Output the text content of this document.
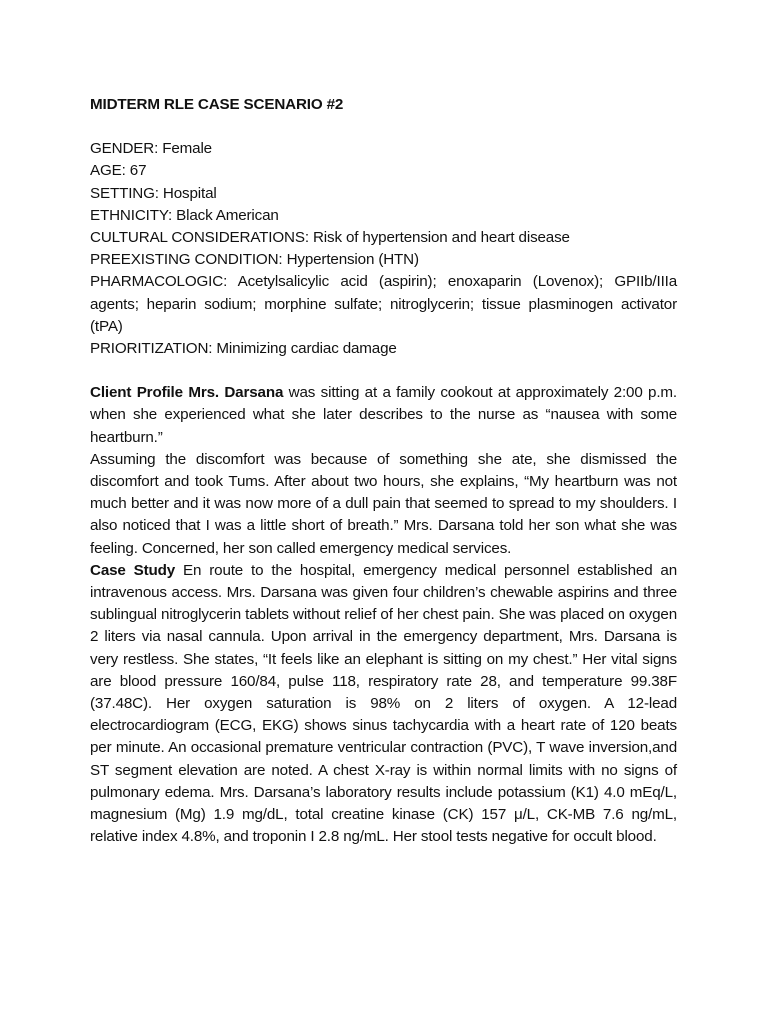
MIDTERM RLE CASE SCENARIO #2
GENDER: Female
AGE: 67
SETTING: Hospital
ETHNICITY: Black American
CULTURAL CONSIDERATIONS: Risk of hypertension and heart disease
PREEXISTING CONDITION: Hypertension (HTN)
PHARMACOLOGIC: Acetylsalicylic acid (aspirin); enoxaparin (Lovenox); GPIIb/IIIa agents; heparin sodium; morphine sulfate; nitroglycerin; tissue plasminogen activator (tPA)
PRIORITIZATION: Minimizing cardiac damage

Client Profile Mrs. Darsana was sitting at a family cookout at approximately 2:00 p.m. when she experienced what she later describes to the nurse as “nausea with some heartburn.”

Assuming the discomfort was because of something she ate, she dismissed the discomfort and took Tums. After about two hours, she explains, “My heartburn was not much better and it was now more of a dull pain that seemed to spread to my shoulders. I also noticed that I was a little short of breath.” Mrs. Darsana told her son what she was feeling. Concerned, her son called emergency medical services.

Case Study En route to the hospital, emergency medical personnel established an intravenous access. Mrs. Darsana was given four children’s chewable aspirins and three sublingual nitroglycerin tablets without relief of her chest pain. She was placed on oxygen 2 liters via nasal cannula. Upon arrival in the emergency department, Mrs. Darsana is very restless. She states, “It feels like an elephant is sitting on my chest.” Her vital signs are blood pressure 160/84, pulse 118, respiratory rate 28, and temperature 99.38F (37.48C). Her oxygen saturation is 98% on 2 liters of oxygen. A 12-lead electrocardiogram (ECG, EKG) shows sinus tachycardia with a heart rate of 120 beats per minute. An occasional premature ventricular contraction (PVC), T wave inversion,and ST segment elevation are noted. A chest X-ray is within normal limits with no signs of pulmonary edema. Mrs. Darsana’s laboratory results include potassium (K1) 4.0 mEq/L, magnesium (Mg) 1.9 mg/dL, total creatine kinase (CK) 157 μ/L, CK-MB 7.6 ng/mL, relative index 4.8%, and troponin I 2.8 ng/mL. Her stool tests negative for occult blood.
